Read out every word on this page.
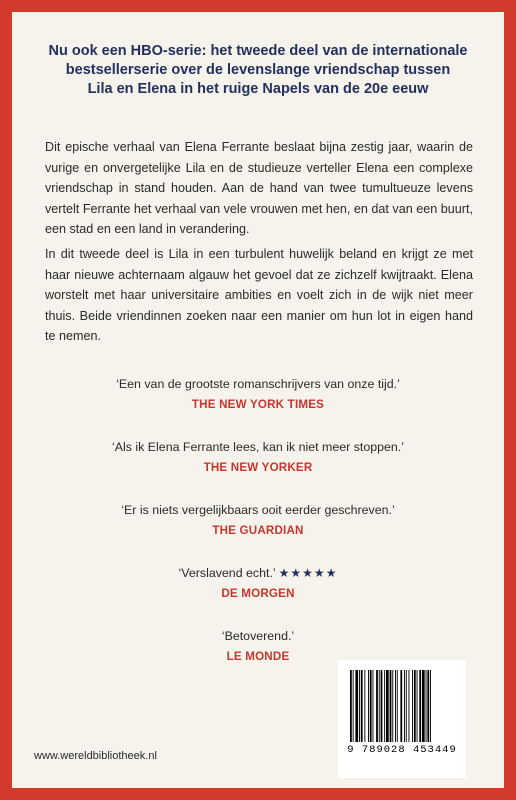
Nu ook een HBO-serie: het tweede deel van de internationale
bestsellerserie over de levenslange vriendschap tussen
Lila en Elena in het ruige Napels van de 20e eeuw
Dit epische verhaal van Elena Ferrante beslaat bijna zestig jaar, waarin de vurige en onvergetelijke Lila en de studieuze verteller Elena een complexe vriendschap in stand houden. Aan de hand van twee tumultueuze levens vertelt Ferrante het verhaal van vele vrouwen met hen, en dat van een buurt, een stad en een land in verandering.
In dit tweede deel is Lila in een turbulent huwelijk beland en krijgt ze met haar nieuwe achternaam algauw het gevoel dat ze zichzelf kwijtraakt. Elena worstelt met haar universitaire ambities en voelt zich in de wijk niet meer thuis. Beide vriendinnen zoeken naar een manier om hun lot in eigen hand te nemen.
‘Een van de grootste romanschrijvers van onze tijd.’
THE NEW YORK TIMES
‘Als ik Elena Ferrante lees, kan ik niet meer stoppen.’
THE NEW YORKER
‘Er is niets vergelijkbaars ooit eerder geschreven.’
THE GUARDIAN
‘Verslavend echt.’ ★★★★★
DE MORGEN
‘Betoverend.’
LE MONDE
9 789028 453449
www.wereldbibliotheek.nl
